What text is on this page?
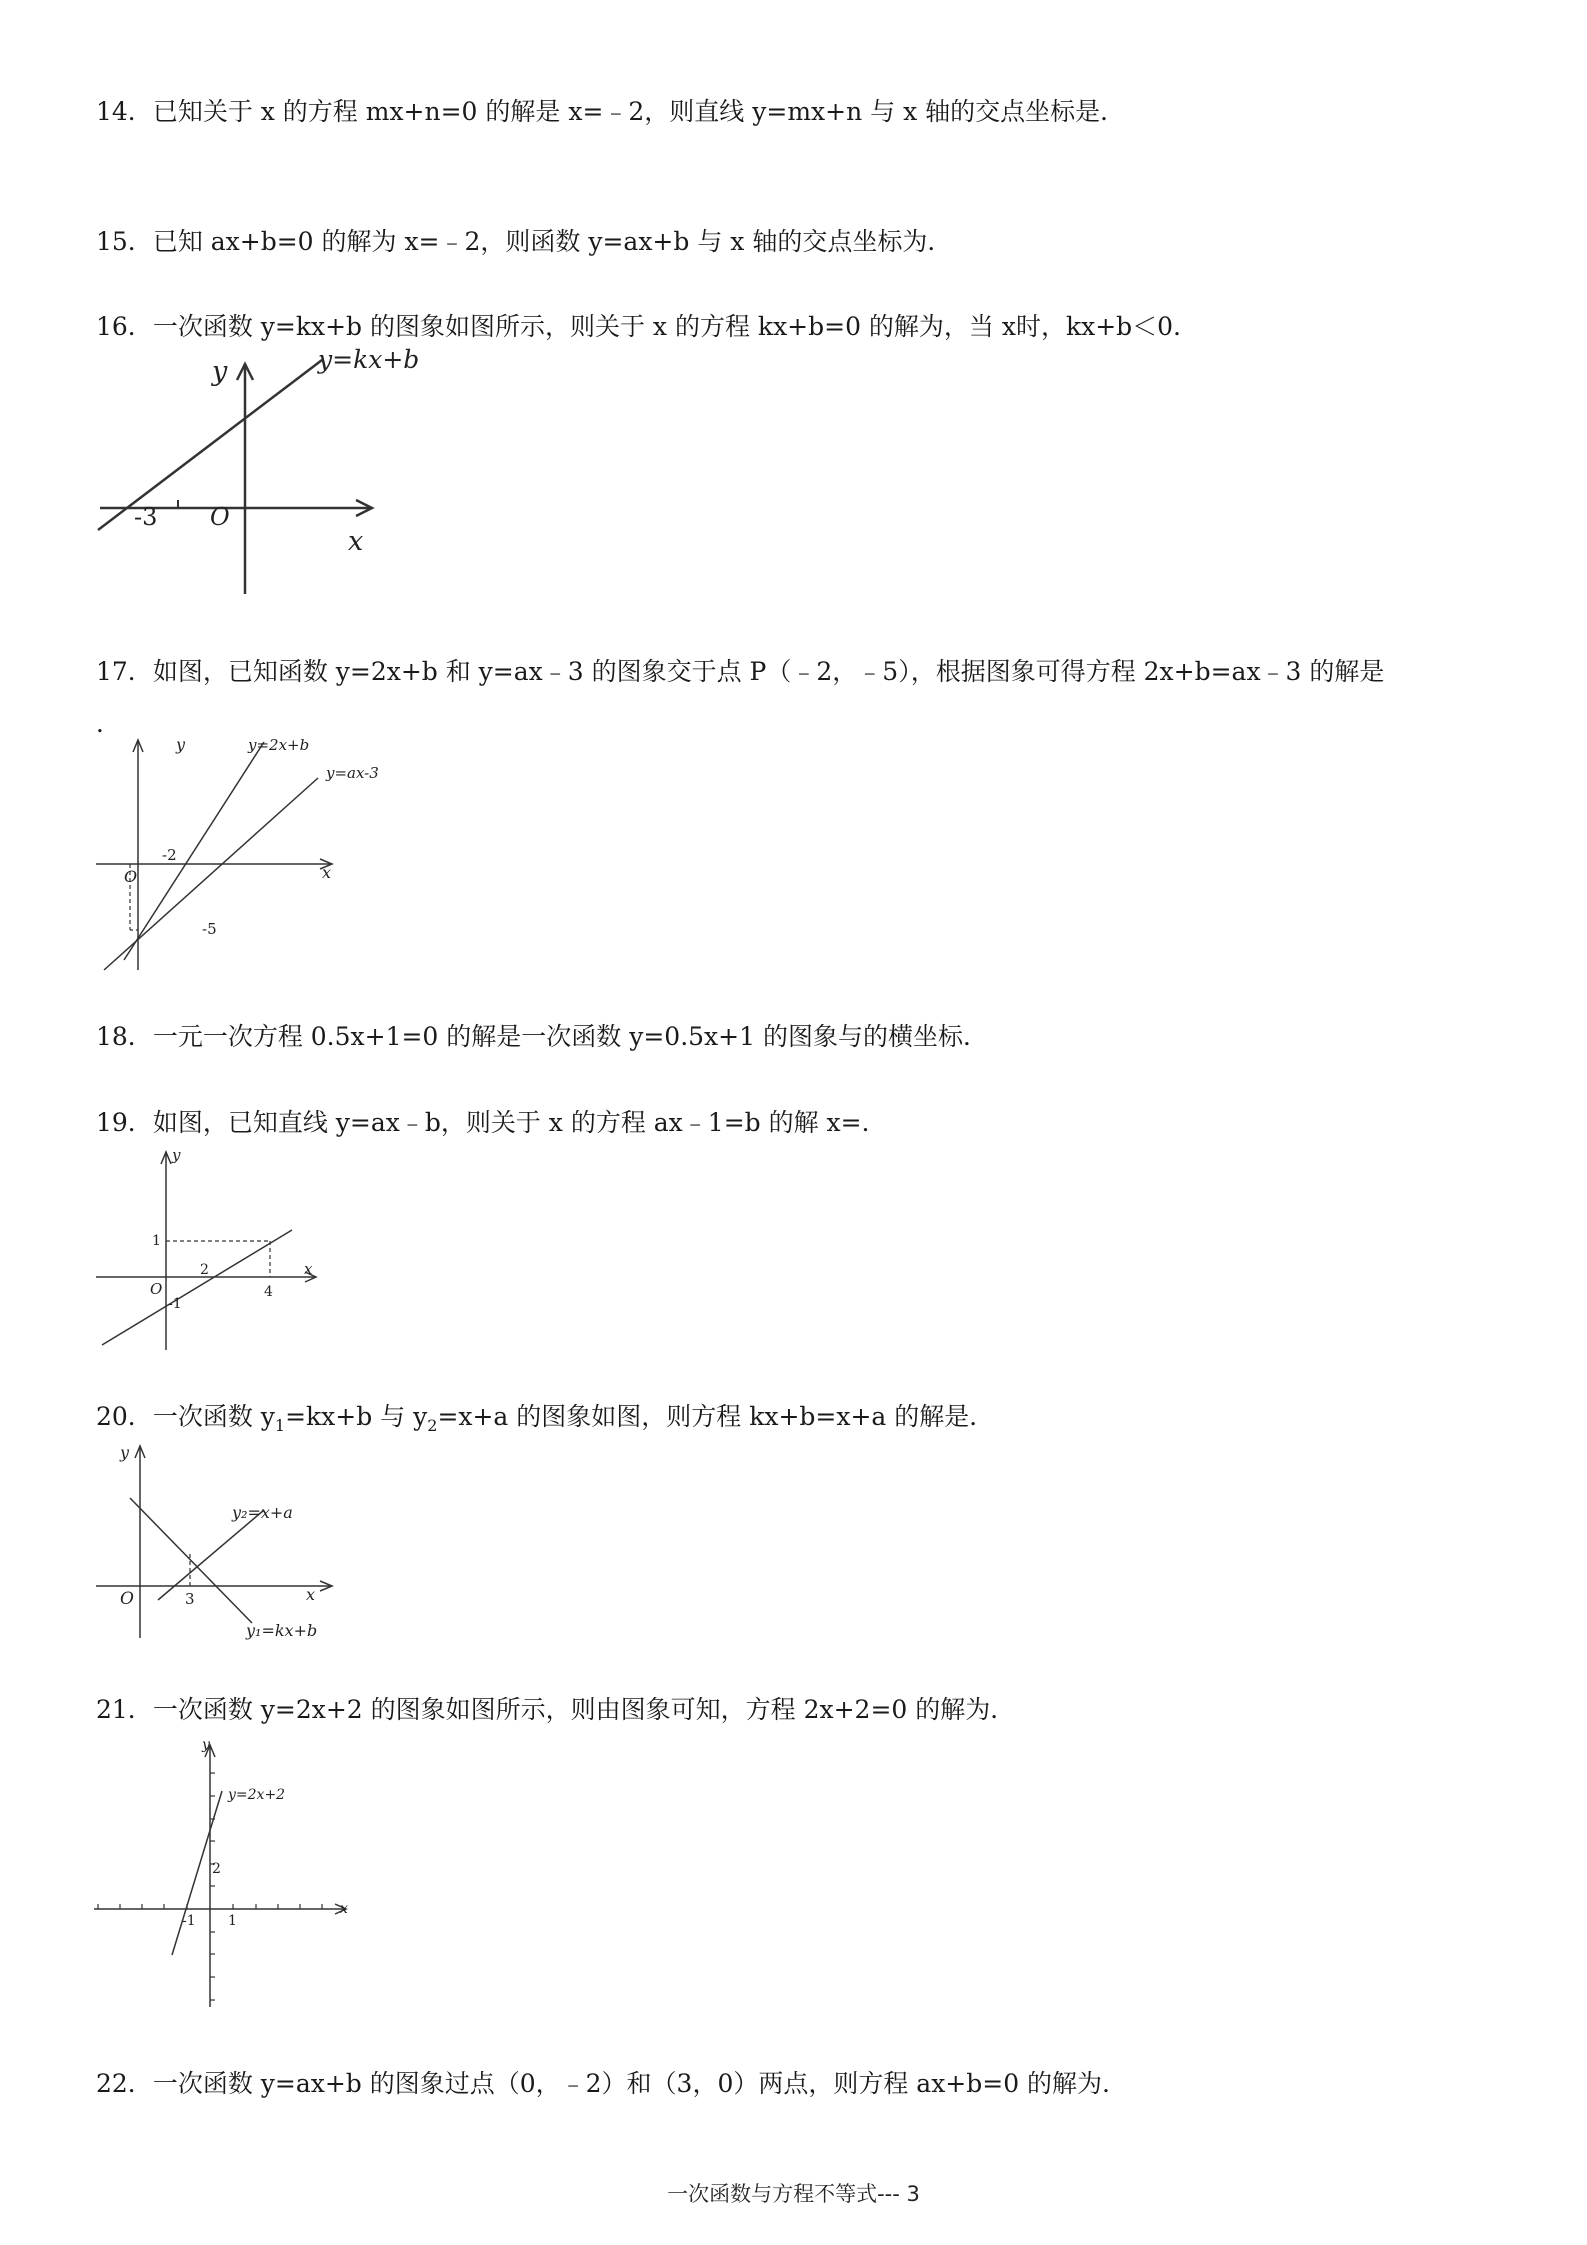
14．已知关于 x 的方程 mx+n=0 的解是 x=﹣2，则直线 y=mx+n 与 x 轴的交点坐标是．
15．已知 ax+b=0 的解为 x=﹣2，则函数 y=ax+b 与 x 轴的交点坐标为．
16．一次函数 y=kx+b 的图象如图所示，则关于 x 的方程 kx+b=0 的解为，当 x时，kx+b＜0．
y
x
O
-3
y=kx+b
17．如图，已知函数 y=2x+b 和 y=ax﹣3 的图象交于点 P（﹣2，﹣5），根据图象可得方程 2x+b=ax﹣3 的解是
．
y
x
O
-2
-5
y=2x+b
y=ax-3
18．一元一次方程 0.5x+1=0 的解是一次函数 y=0.5x+1 的图象与的横坐标．
19．如图，已知直线 y=ax﹣b，则关于 x 的方程 ax﹣1=b 的解 x=．
y
x
O
1
2
4
-1
20．一次函数 $y_1=kx+b$ 与 $y_2=x+a$ 的图象如图，则方程 kx+b=x+a 的解是．
y
x
O	3
y₂=x+a
y₁=kx+b
21．一次函数 y=2x+2 的图象如图所示，则由图象可知，方程 2x+2=0 的解为．
y
x
2
-1 1
y=2x+2
22．一次函数 y=ax+b 的图象过点（0，﹣2）和（3，0）两点，则方程 ax+b=0 的解为．
一次函数与方程不等式--- 3
